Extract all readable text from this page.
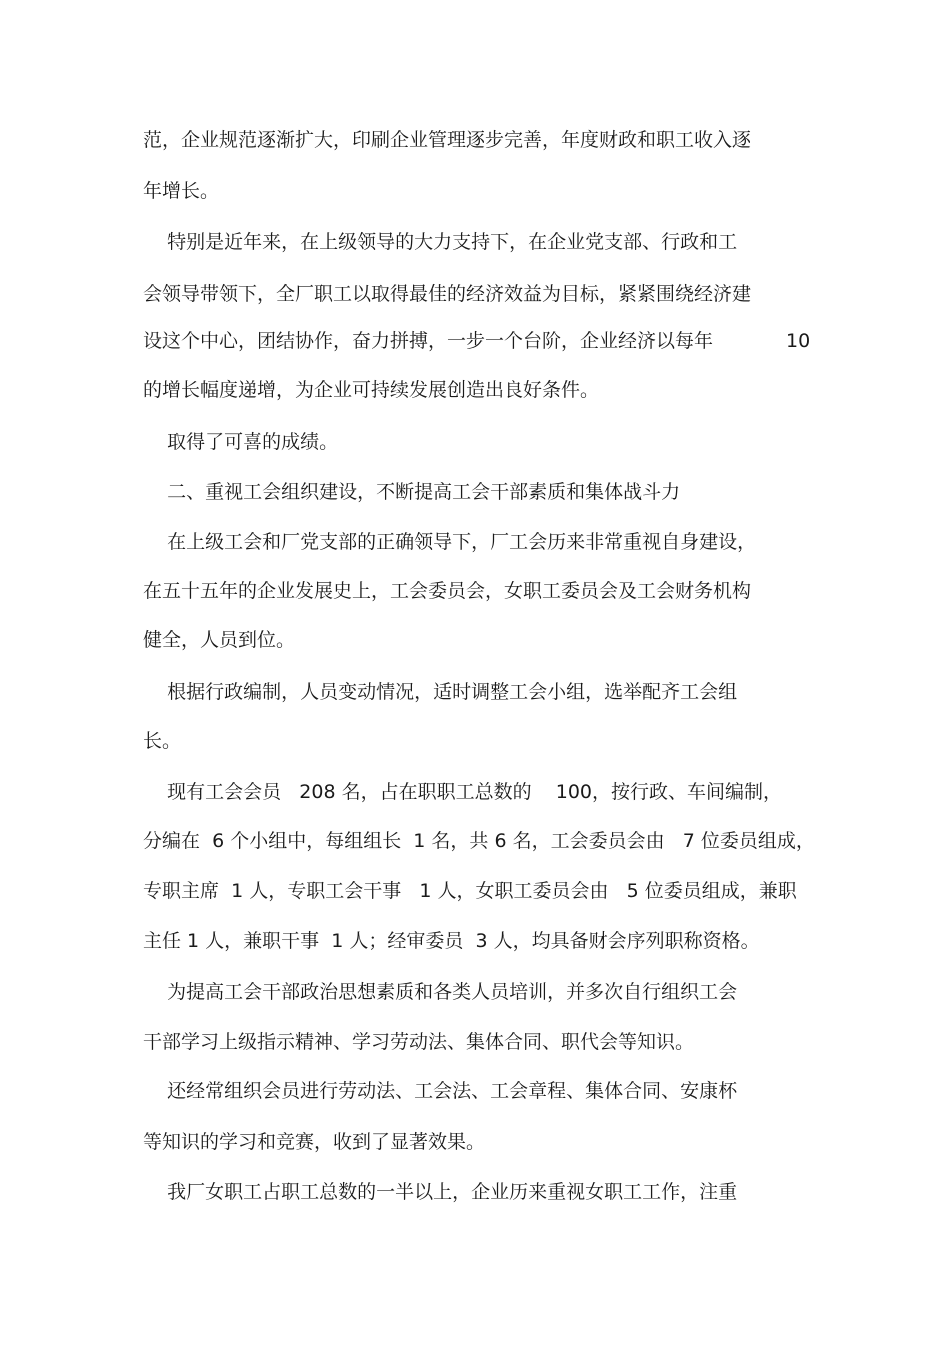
范，企业规范逐渐扩大，印刷企业管理逐步完善，年度财政和职工收入逐
年增长。
特别是近年来，在上级领导的大力支持下，在企业党支部、行政和工
会领导带领下，全厂职工以取得最佳的经济效益为目标，紧紧围绕经济建
设这个中心，团结协作，奋力拼搏，一步一个台阶，企业经济以每年	10
的增长幅度递增，为企业可持续发展创造出良好条件。
取得了可喜的成绩。
二、重视工会组织建设，不断提高工会干部素质和集体战斗力
在上级工会和厂党支部的正确领导下，厂工会历来非常重视自身建设，
在五十五年的企业发展史上，工会委员会，女职工委员会及工会财务机构
健全，人员到位。
根据行政编制，人员变动情况，适时调整工会小组，选举配齐工会组
长。
现有工会会员   208 名，占在职职工总数的    100，按行政、车间编制，
分编在  6 个小组中，每组组长  1 名，共 6 名，工会委员会由   7 位委员组成，
专职主席  1 人，专职工会干事   1 人，女职工委员会由   5 位委员组成，兼职
主任 1 人，兼职干事  1 人；经审委员  3 人，均具备财会序列职称资格。
为提高工会干部政治思想素质和各类人员培训，并多次自行组织工会
干部学习上级指示精神、学习劳动法、集体合同、职代会等知识。
还经常组织会员进行劳动法、工会法、工会章程、集体合同、安康杯
等知识的学习和竞赛，收到了显著效果。
我厂女职工占职工总数的一半以上，企业历来重视女职工工作，注重
